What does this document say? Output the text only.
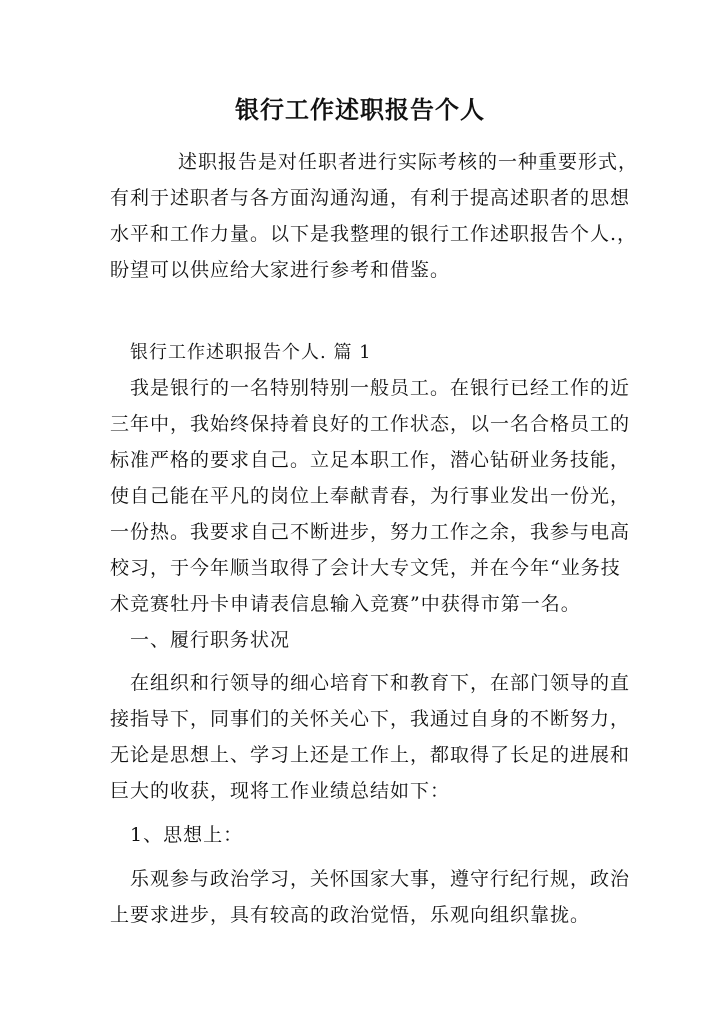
银行工作述职报告个人
述职报告是对任职者进行实际考核的一种重要形式，
有利于述职者与各方面沟通沟通，有利于提高述职者的思想
水平和工作力量。以下是我整理的银行工作述职报告个人.，
盼望可以供应给大家进行参考和借鉴。
银行工作述职报告个人. 篇 1
我是银行的一名特别特别一般员工。在银行已经工作的近
三年中，我始终保持着良好的工作状态，以一名合格员工的
标准严格的要求自己。立足本职工作，潜心钻研业务技能，
使自己能在平凡的岗位上奉献青春，为行事业发出一份光，
一份热。我要求自己不断进步，努力工作之余，我参与电高
校习，于今年顺当取得了会计大专文凭，并在今年“业务技
术竞赛牡丹卡申请表信息输入竞赛”中获得市第一名。
一、履行职务状况
在组织和行领导的细心培育下和教育下，在部门领导的直
接指导下，同事们的关怀关心下，我通过自身的不断努力，
无论是思想上、学习上还是工作上，都取得了长足的进展和
巨大的收获，现将工作业绩总结如下：
1、思想上：
乐观参与政治学习，关怀国家大事，遵守行纪行规，政治
上要求进步，具有较高的政治觉悟，乐观向组织靠拢。
